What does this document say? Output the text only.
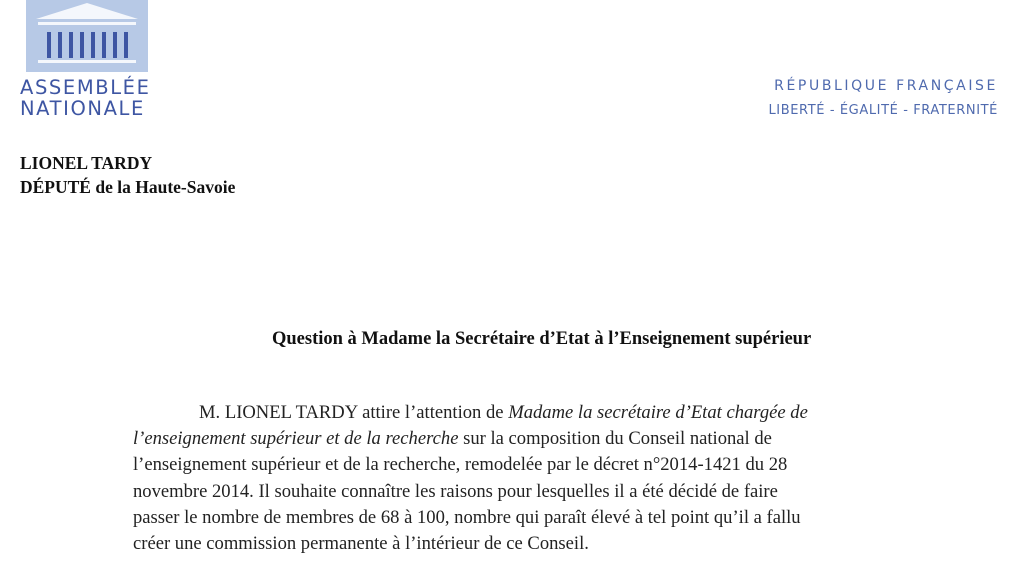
ASSEMBLÉE
NATIONALE
RÉPUBLIQUE FRANÇAISE
LIBERTÉ - ÉGALITÉ - FRATERNITÉ
LIONEL TARDY
DÉPUTÉ de la Haute-Savoie
Question à Madame la Secrétaire d’Etat à l’Enseignement supérieur
M. LIONEL TARDY attire l’attention de Madame la secrétaire d’Etat chargée de
l’enseignement supérieur et de la recherche sur la composition du Conseil national de
l’enseignement supérieur et de la recherche, remodelée par le décret n°2014-1421 du 28
novembre 2014. Il souhaite connaître les raisons pour lesquelles il a été décidé de faire
passer le nombre de membres de 68 à 100, nombre qui paraît élevé à tel point qu’il a fallu
créer une commission permanente à l’intérieur de ce Conseil.
